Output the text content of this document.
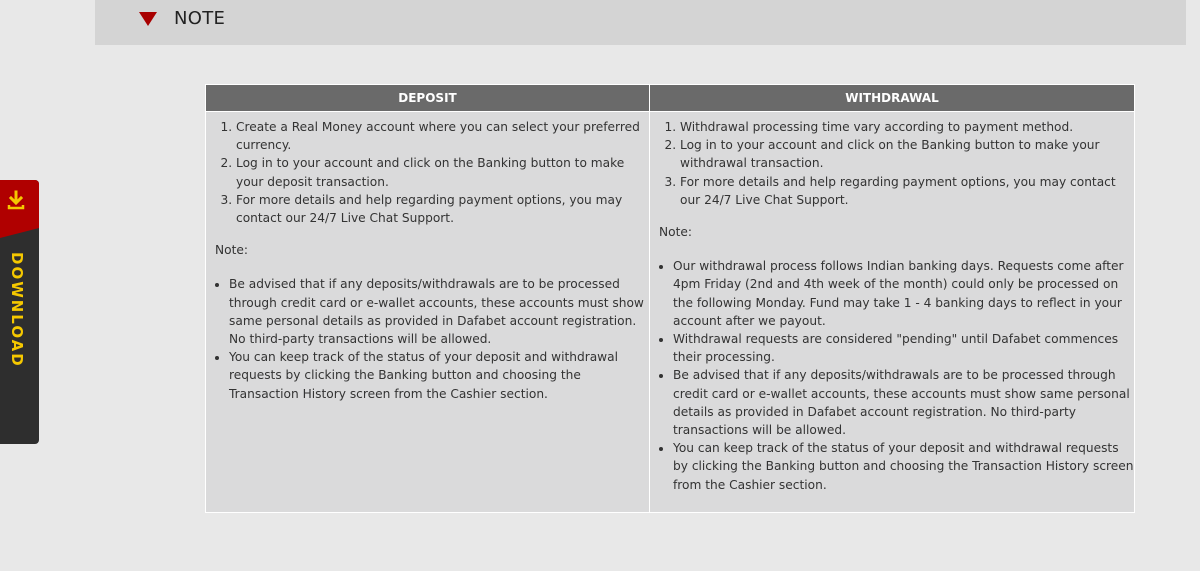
NOTE
DOWNLOAD
DEPOSIT
1. Create a Real Money account where you can select your preferred currency.
2. Log in to your account and click on the Banking button to make your deposit transaction.
3. For more details and help regarding payment options, you may contact our 24/7 Live Chat Support.
Note:
• Be advised that if any deposits/withdrawals are to be processed through credit card or e-wallet accounts, these accounts must show same personal details as provided in Dafabet account registration. No third-party transactions will be allowed.
• You can keep track of the status of your deposit and withdrawal requests by clicking the Banking button and choosing the Transaction History screen from the Cashier section.
WITHDRAWAL
1. Withdrawal processing time vary according to payment method.
2. Log in to your account and click on the Banking button to make your withdrawal transaction.
3. For more details and help regarding payment options, you may contact our 24/7 Live Chat Support.
Note:
• Our withdrawal process follows Indian banking days. Requests come after 4pm Friday (2nd and 4th week of the month) could only be processed on the following Monday. Fund may take 1 - 4 banking days to reflect in your account after we payout.
• Withdrawal requests are considered "pending" until Dafabet commences their processing.
• Be advised that if any deposits/withdrawals are to be processed through credit card or e-wallet accounts, these accounts must show same personal details as provided in Dafabet account registration. No third-party transactions will be allowed.
• You can keep track of the status of your deposit and withdrawal requests by clicking the Banking button and choosing the Transaction History screen from the Cashier section.
